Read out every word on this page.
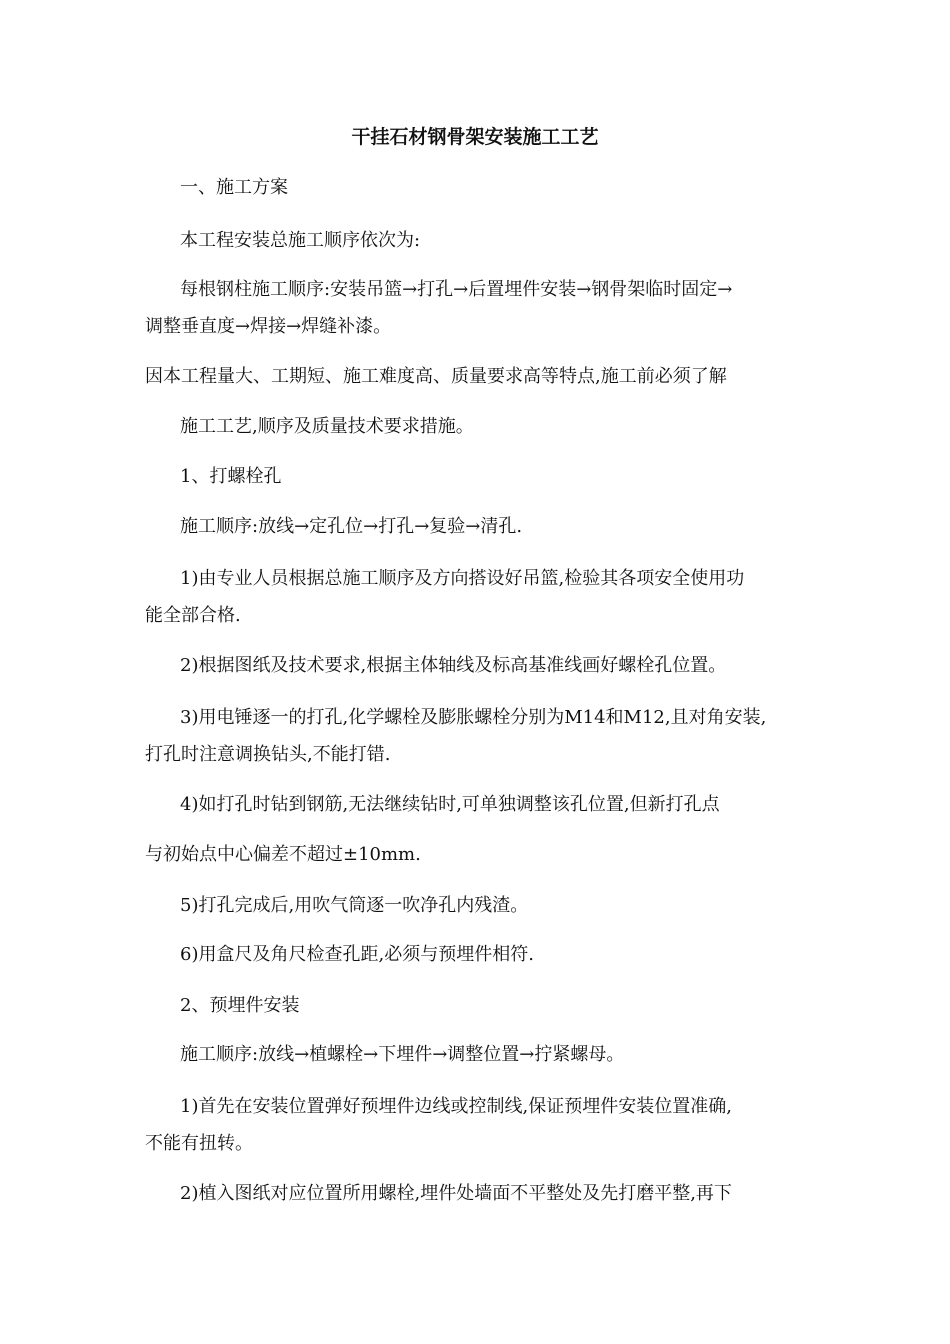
干挂石材钢骨架安装施工工艺
一、施工方案
本工程安装总施工顺序依次为:
每根钢柱施工顺序:安装吊篮→打孔→后置埋件安装→钢骨架临时固定→
调整垂直度→焊接→焊缝补漆。
因本工程量大、工期短、施工难度高、质量要求高等特点,施工前必须了解
施工工艺,顺序及质量技术要求措施。
1、打螺栓孔
施工顺序:放线→定孔位→打孔→复验→清孔.
1)由专业人员根据总施工顺序及方向搭设好吊篮,检验其各项安全使用功
能全部合格.
2)根据图纸及技术要求,根据主体轴线及标高基准线画好螺栓孔位置。
3)用电锤逐一的打孔,化学螺栓及膨胀螺栓分别为M14和M12,且对角安装,
打孔时注意调换钻头,不能打错.
4)如打孔时钻到钢筋,无法继续钻时,可单独调整该孔位置,但新打孔点
与初始点中心偏差不超过±10mm.
5)打孔完成后,用吹气筒逐一吹净孔内残渣。
6)用盒尺及角尺检查孔距,必须与预埋件相符.
2、预埋件安装
施工顺序:放线→植螺栓→下埋件→调整位置→拧紧螺母。
1)首先在安装位置弹好预埋件边线或控制线,保证预埋件安装位置准确,
不能有扭转。
2)植入图纸对应位置所用螺栓,埋件处墙面不平整处及先打磨平整,再下
